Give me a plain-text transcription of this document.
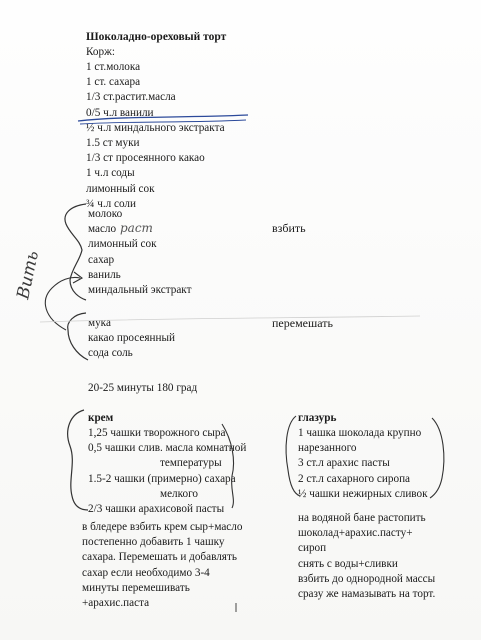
Шоколадно-ореховый торт
Корж:
1 ст.молока
1 ст. сахара
1/3 ст.растит.масла
0/5 ч.л ванили
½ ч.л миндального экстракта
1.5 ст муки
1/3 ст просеянного какао
1 ч.л соды
лимонный сок
¾ ч.л соли
молоко
масло
лимонный сок
сахар
ваниль
миндальный экстракт
взбить
мука
какао просеянный
сода соль
перемешать
20-25 минуты 180 град
крем
1,25 чашки творожного сыра
0,5 чашки слив. масла комнатной
температуры
1.5-2 чашки (примерно) сахара
мелкого
2/3 чашки арахисовой пасты
в бледере взбить крем сыр+масло
постепенно добавить 1 чашку
сахара. Перемешать и добавлять
сахар если необходимо 3-4
минуты перемешивать
+арахис.паста
глазурь
1 чашка шоколада крупно
нарезанного
3 ст.л арахис пасты
2 ст.л сахарного сиропа
½ чашки нежирных сливок
на водяной бане растопить
шоколад+арахис.пасту+
сироп
снять с воды+сливки
взбить до однородной массы
сразу же намазывать на торт.
Вить
раст
